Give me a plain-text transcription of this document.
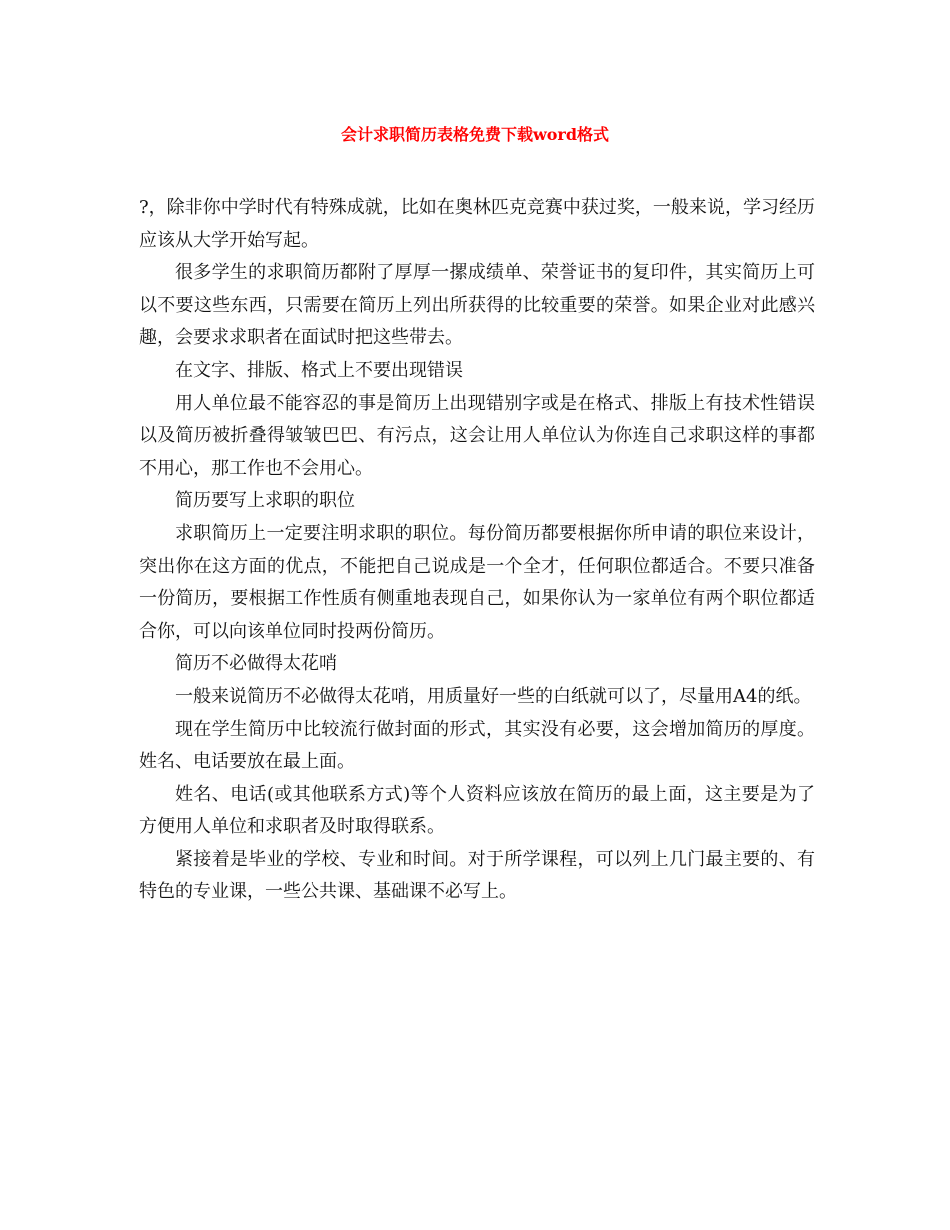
会计求职简历表格免费下载word格式

?，除非你中学时代有特殊成就，比如在奥林匹克竞赛中获过奖，一般来说，学习经历应该从大学开始写起。

很多学生的求职简历都附了厚厚一摞成绩单、荣誉证书的复印件，其实简历上可以不要这些东西，只需要在简历上列出所获得的比较重要的荣誉。如果企业对此感兴趣，会要求求职者在面试时把这些带去。

在文字、排版、格式上不要出现错误

用人单位最不能容忍的事是简历上出现错别字或是在格式、排版上有技术性错误以及简历被折叠得皱皱巴巴、有污点，这会让用人单位认为你连自己求职这样的事都不用心，那工作也不会用心。

简历要写上求职的职位

求职简历上一定要注明求职的职位。每份简历都要根据你所申请的职位来设计，突出你在这方面的优点，不能把自己说成是一个全才，任何职位都适合。不要只准备一份简历，要根据工作性质有侧重地表现自己，如果你认为一家单位有两个职位都适合你，可以向该单位同时投两份简历。

简历不必做得太花哨

一般来说简历不必做得太花哨，用质量好一些的白纸就可以了，尽量用A4的纸。

现在学生简历中比较流行做封面的形式，其实没有必要，这会增加简历的厚度。姓名、电话要放在最上面。

姓名、电话(或其他联系方式)等个人资料应该放在简历的最上面，这主要是为了方便用人单位和求职者及时取得联系。

紧接着是毕业的学校、专业和时间。对于所学课程，可以列上几门最主要的、有特色的专业课，一些公共课、基础课不必写上。
